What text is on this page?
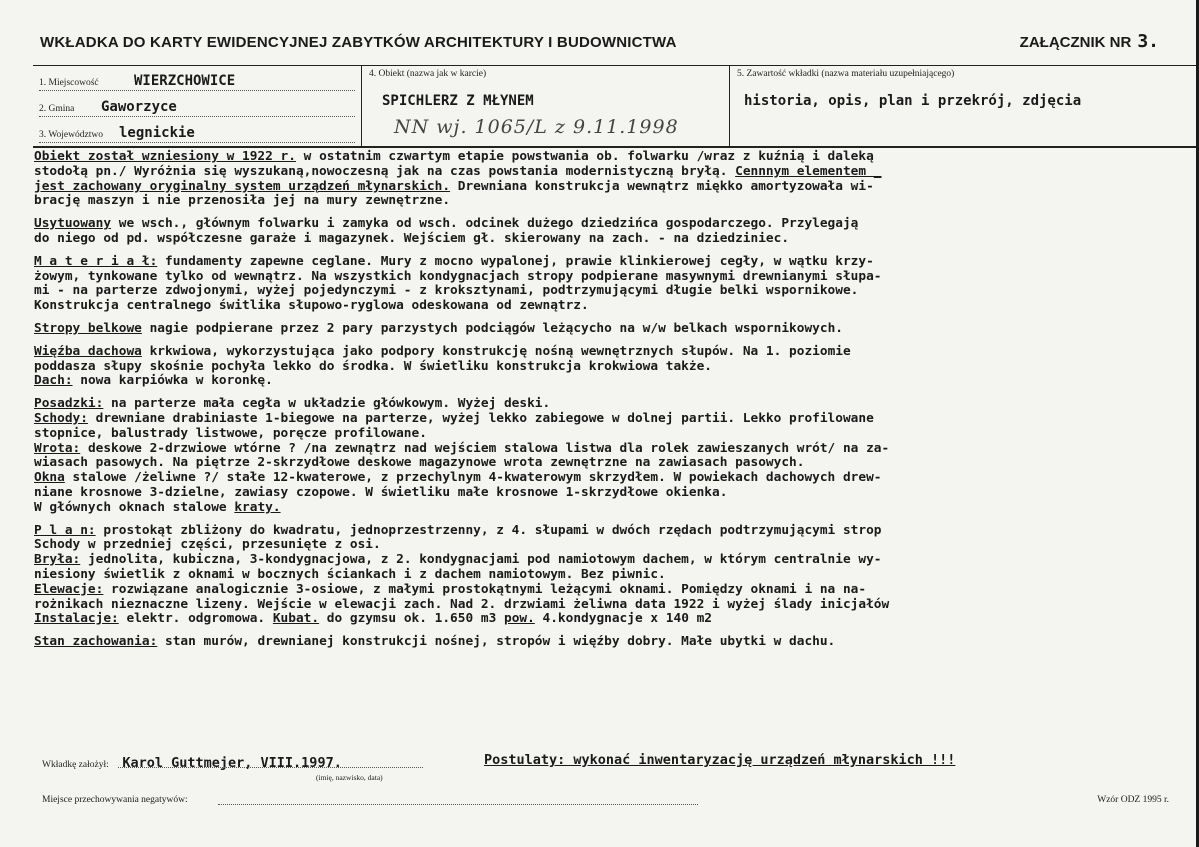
WKŁADKA DO KARTY EWIDENCYJNEJ ZABYTKÓW ARCHITEKTURY I BUDOWNICTWA	ZAŁĄCZNIK NR 3.
1. Miejscowość	WIERZCHOWICE
2. Gmina Gaworzyce
3. Województwo legnickie
4. Obiekt (nazwa jak w karcie)
SPICHLERZ Z MŁYNEM
NN wj. 1065/L z 9.11.1998
5. Zawartość wkładki (nazwa materiału uzupełniającego)
historia, opis, plan i przekrój, zdjęcia
Obiekt został wzniesiony w 1922 r. w ostatnim czwartym etapie powstwania ob. folwarku /wraz z kuźnią i daleką
stodołą pn./ Wyróżnia się wyszukaną,nowoczesną jak na czas powstania modernistyczną bryłą. Cennnym elementem _
jest zachowany oryginalny system urządzeń młynarskich. Drewniana konstrukcja wewnątrz miękko amortyzowała wi-
brację maszyn i nie przenosiła jej na mury zewnętrzne.
Usytuowany we wsch., głównym folwarku i zamyka od wsch. odcinek dużego dziedzińca gospodarczego. Przylegają
do niego od pd. współczesne garaże i magazynek. Wejściem gł. skierowany na zach. - na dziedziniec.
M a t e r i a ł: fundamenty zapewne ceglane. Mury z mocno wypalonej, prawie klinkierowej cegły, w wątku krzy-
żowym, tynkowane tylko od wewnątrz. Na wszystkich kondygnacjach stropy podpierane masywnymi drewnianymi słupa-
mi - na parterze zdwojonymi, wyżej pojedynczymi - z kroksztynami, podtrzymującymi długie belki wspornikowe.
Konstrukcja centralnego świtlika słupowo-ryglowa odeskowana od zewnątrz.
Stropy belkowe nagie podpierane przez 2 pary parzystych podciągów leżącycho na w/w belkach wspornikowych.
Więźba dachowa krkwiowa, wykorzystująca jako podpory konstrukcję nośną wewnętrznych słupów. Na 1. poziomie
poddasza słupy skośnie pochyła lekko do środka. W świetliku konstrukcja krokwiowa także.
Dach: nowa karpiówka w koronkę.
Posadzki: na parterze mała cegła w układzie główkowym. Wyżej deski.
Schody: drewniane drabiniaste 1-biegowe na parterze, wyżej lekko zabiegowe w dolnej partii. Lekko profilowane
stopnice, balustrady listwowe, poręcze profilowane.
Wrota: deskowe 2-drzwiowe wtórne ? /na zewnątrz nad wejściem stalowa listwa dla rolek zawieszanych wrót/ na za-
wiasach pasowych. Na piętrze 2-skrzydłowe deskowe magazynowe wrota zewnętrzne na zawiasach pasowych.
Okna stalowe /żeliwne ?/ stałe 12-kwaterowe, z przechylnym 4-kwaterowym skrzydłem. W powiekach dachowych drew-
niane krosnowe 3-dzielne, zawiasy czopowe. W świetliku małe krosnowe 1-skrzydłowe okienka.
W głównych oknach stalowe kraty.
P l a n: prostokąt zbliżony do kwadratu, jednoprzestrzenny, z 4. słupami w dwóch rzędach podtrzymującymi strop
Schody w przedniej części, przesunięte z osi.
Bryła: jednolita, kubiczna, 3-kondygnacjowa, z 2. kondygnacjami pod namiotowym dachem, w którym centralnie wy-
niesiony świetlik z oknami w bocznych ściankach i z dachem namiotowym. Bez piwnic.
Elewacje: rozwiązane analogicznie 3-osiowe, z małymi prostokątnymi leżącymi oknami. Pomiędzy oknami i na na-
rożnikach nieznaczne lizeny. Wejście w elewacji zach. Nad 2. drzwiami żeliwna data 1922 i wyżej ślady inicjałów
Instalacje: elektr. odgromowa. Kubat. do gzymsu ok. 1.650 m3 pow. 4.kondygnacje x 140 m2
Stan zachowania: stan murów, drewnianej konstrukcji nośnej, stropów i więźby dobry. Małe ubytki w dachu.
Wkładkę założył: Karol Guttmejer, VIII.1997.
(imię, nazwisko, data)
Postulaty: wykonać inwentaryzację urządzeń młynarskich !!!
Miejsce przechowywania negatywów:	Wzór ODZ 1995 r.
